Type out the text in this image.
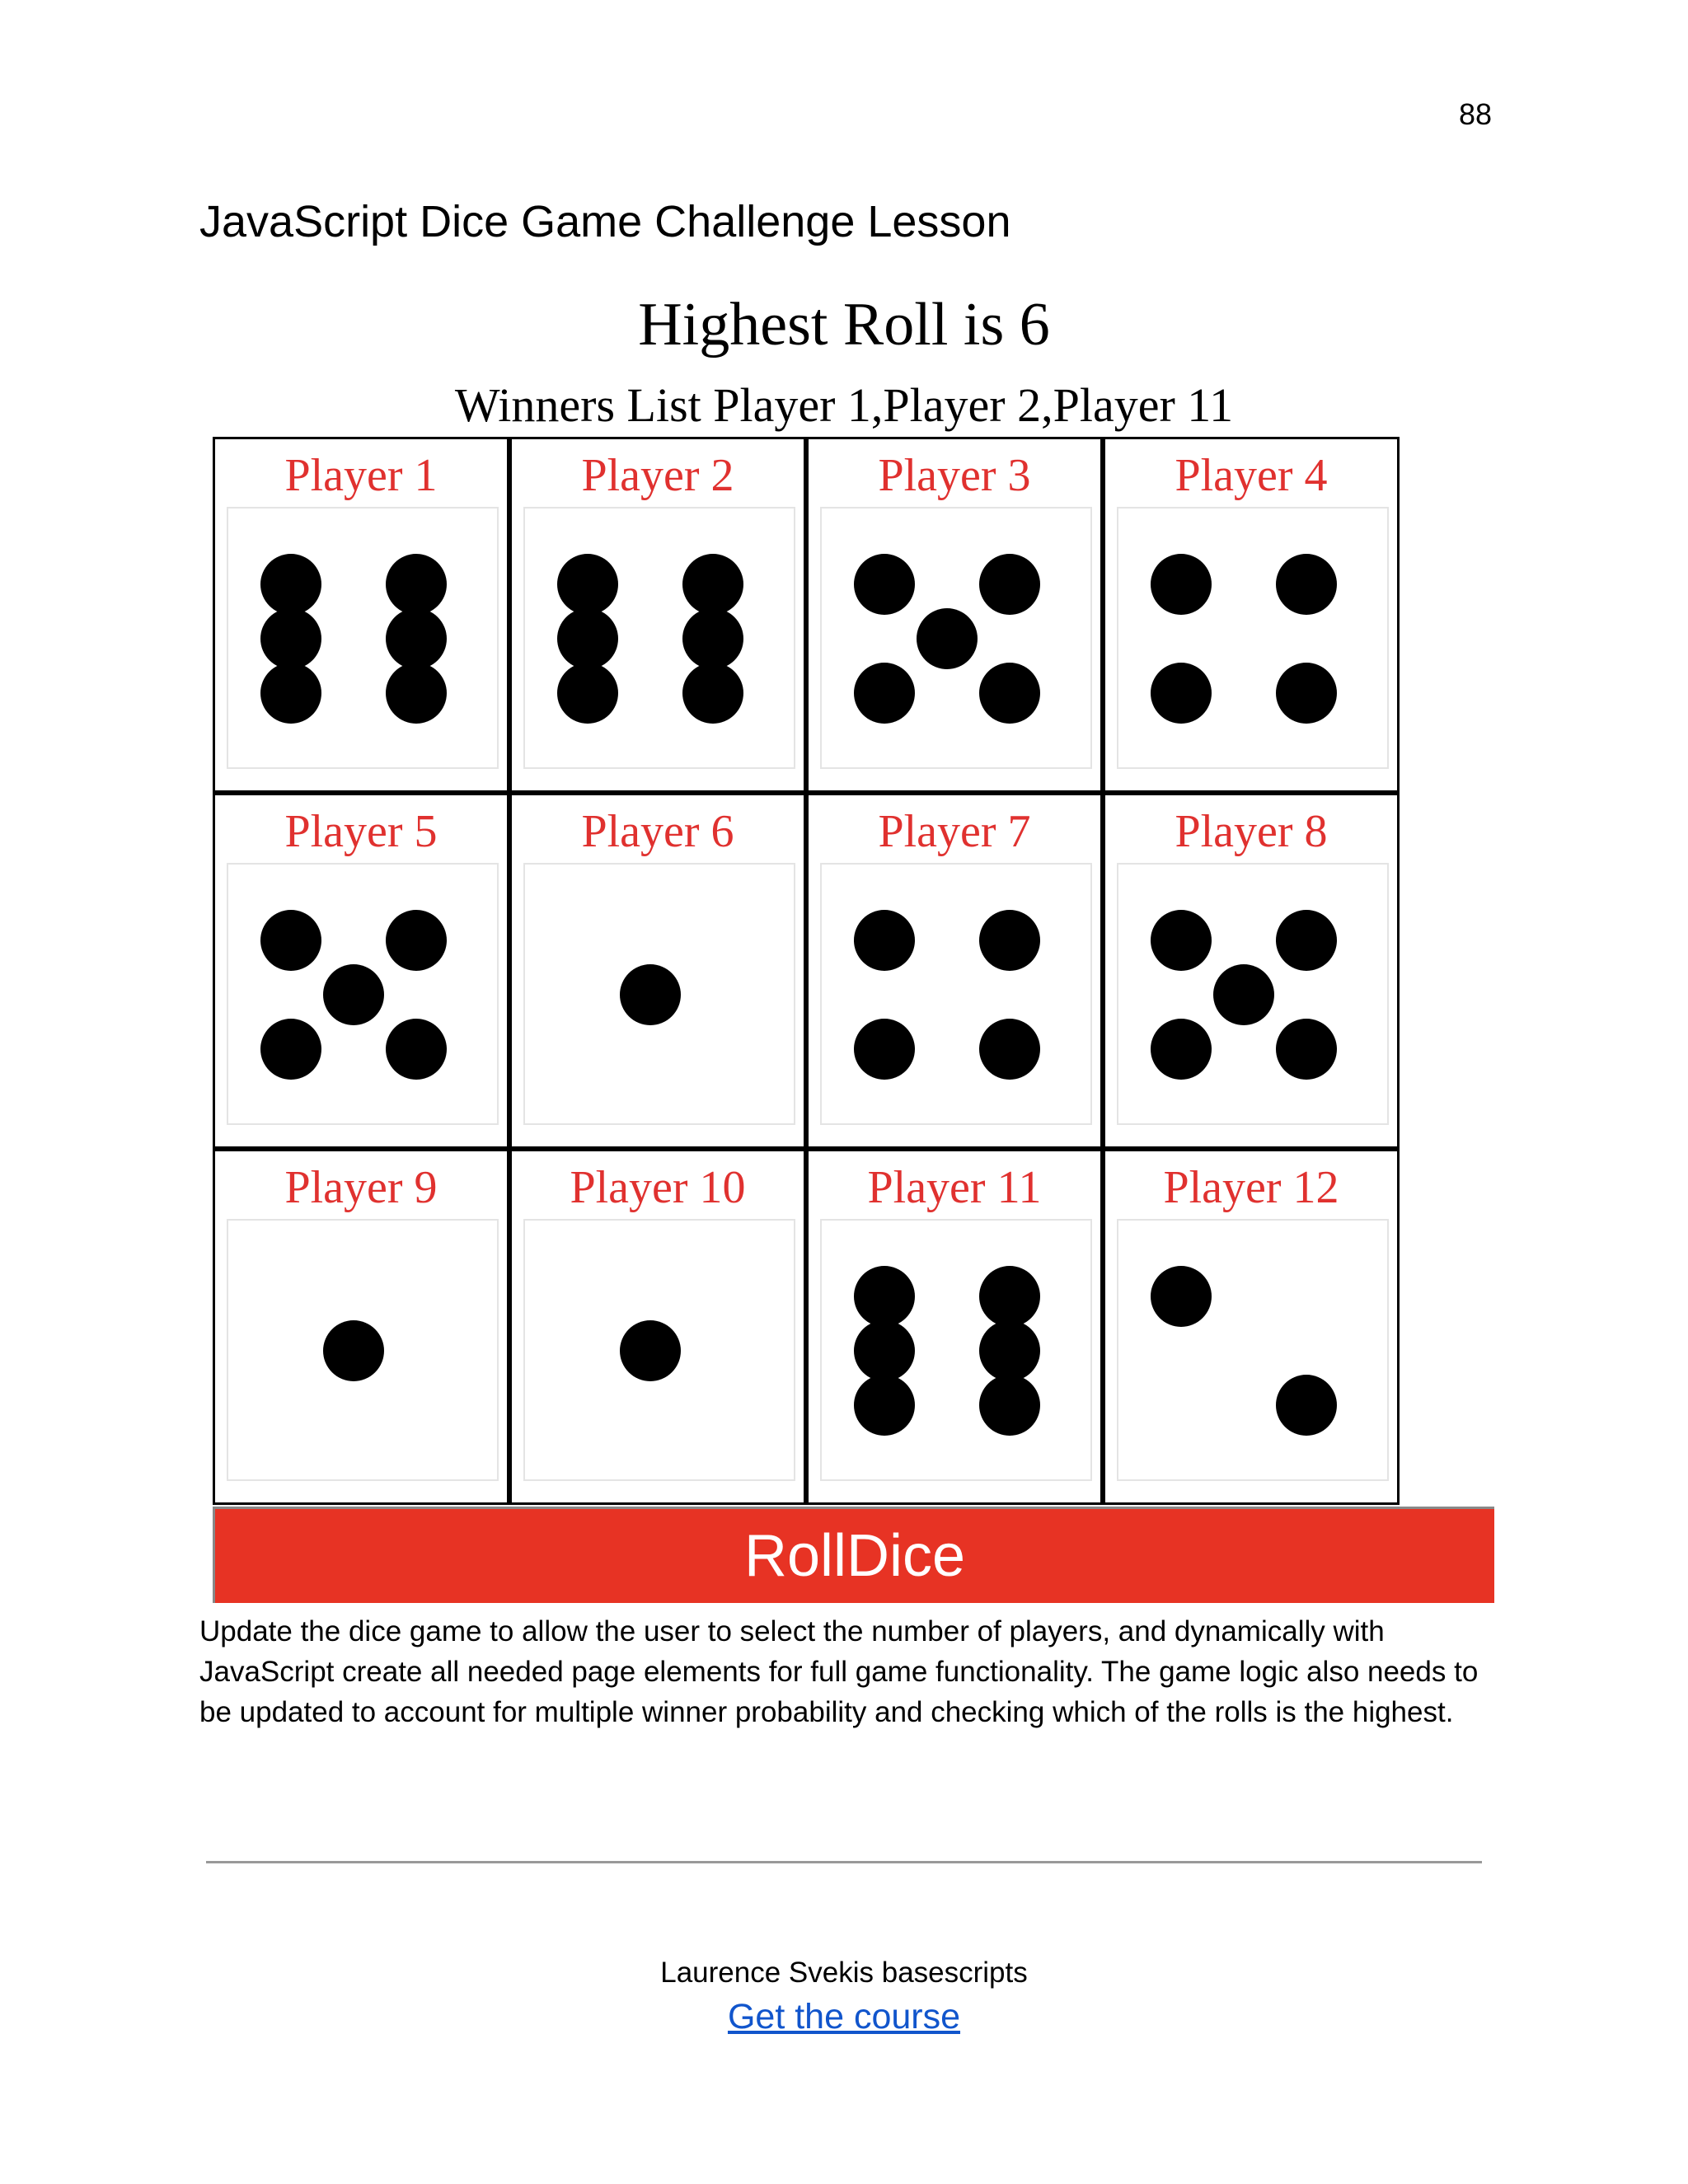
88
JavaScript Dice Game Challenge Lesson
Highest Roll is 6
Winners List Player 1,Player 2,Player 11
Player 1	Player 2	Player 3	Player 4
Player 5	Player 6	Player 7	Player 8
Player 9	Player 10	Player 11	Player 12
RollDice

Update the dice game to allow the user to select the number of players, and dynamically with JavaScript create all needed page elements for full game functionality. The game logic also needs to be updated to account for multiple winner probability and checking which of the rolls is the highest.

Laurence Svekis basescripts
Get the course
